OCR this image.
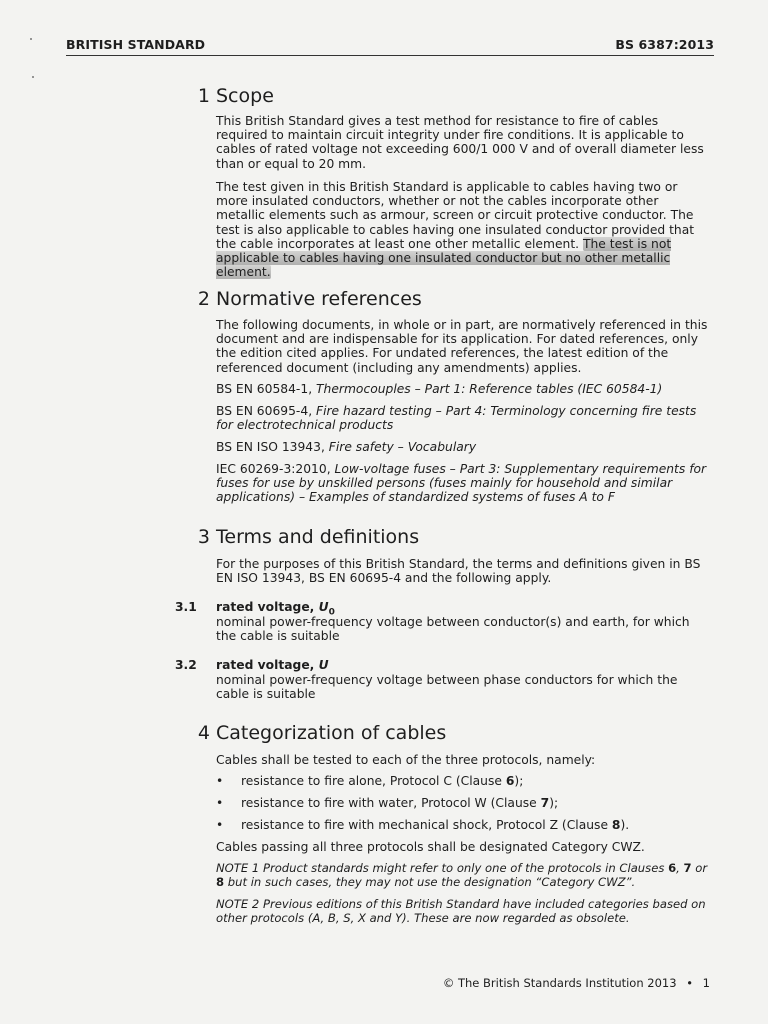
BRITISH STANDARD	BS 6387:2013
1 Scope
This British Standard gives a test method for resistance to fire of cables required to maintain circuit integrity under fire conditions. It is applicable to cables of rated voltage not exceeding 600/1 000 V and of overall diameter less than or equal to 20 mm.
The test given in this British Standard is applicable to cables having two or more insulated conductors, whether or not the cables incorporate other metallic elements such as armour, screen or circuit protective conductor. The test is also applicable to cables having one insulated conductor provided that the cable incorporates at least one other metallic element. The test is not applicable to cables having one insulated conductor but no other metallic element.
2 Normative references
The following documents, in whole or in part, are normatively referenced in this document and are indispensable for its application. For dated references, only the edition cited applies. For undated references, the latest edition of the referenced document (including any amendments) applies.
BS EN 60584-1, Thermocouples – Part 1: Reference tables (IEC 60584-1)
BS EN 60695-4, Fire hazard testing – Part 4: Terminology concerning fire tests for electrotechnical products
BS EN ISO 13943, Fire safety – Vocabulary
IEC 60269-3:2010, Low-voltage fuses – Part 3: Supplementary requirements for fuses for use by unskilled persons (fuses mainly for household and similar applications) – Examples of standardized systems of fuses A to F
3 Terms and definitions
For the purposes of this British Standard, the terms and definitions given in BS EN ISO 13943, BS EN 60695-4 and the following apply.
3.1 rated voltage, $U_0$
nominal power-frequency voltage between conductor(s) and earth, for which the cable is suitable
3.2 rated voltage, U
nominal power-frequency voltage between phase conductors for which the cable is suitable
4 Categorization of cables
Cables shall be tested to each of the three protocols, namely:
• resistance to fire alone, Protocol C (Clause 6);
• resistance to fire with water, Protocol W (Clause 7);
• resistance to fire with mechanical shock, Protocol Z (Clause 8).
Cables passing all three protocols shall be designated Category CWZ.
NOTE 1 Product standards might refer to only one of the protocols in Clauses 6, 7 or 8 but in such cases, they may not use the designation “Category CWZ”.
NOTE 2 Previous editions of this British Standard have included categories based on other protocols (A, B, S, X and Y). These are now regarded as obsolete.
© The British Standards Institution 2013 • 1
